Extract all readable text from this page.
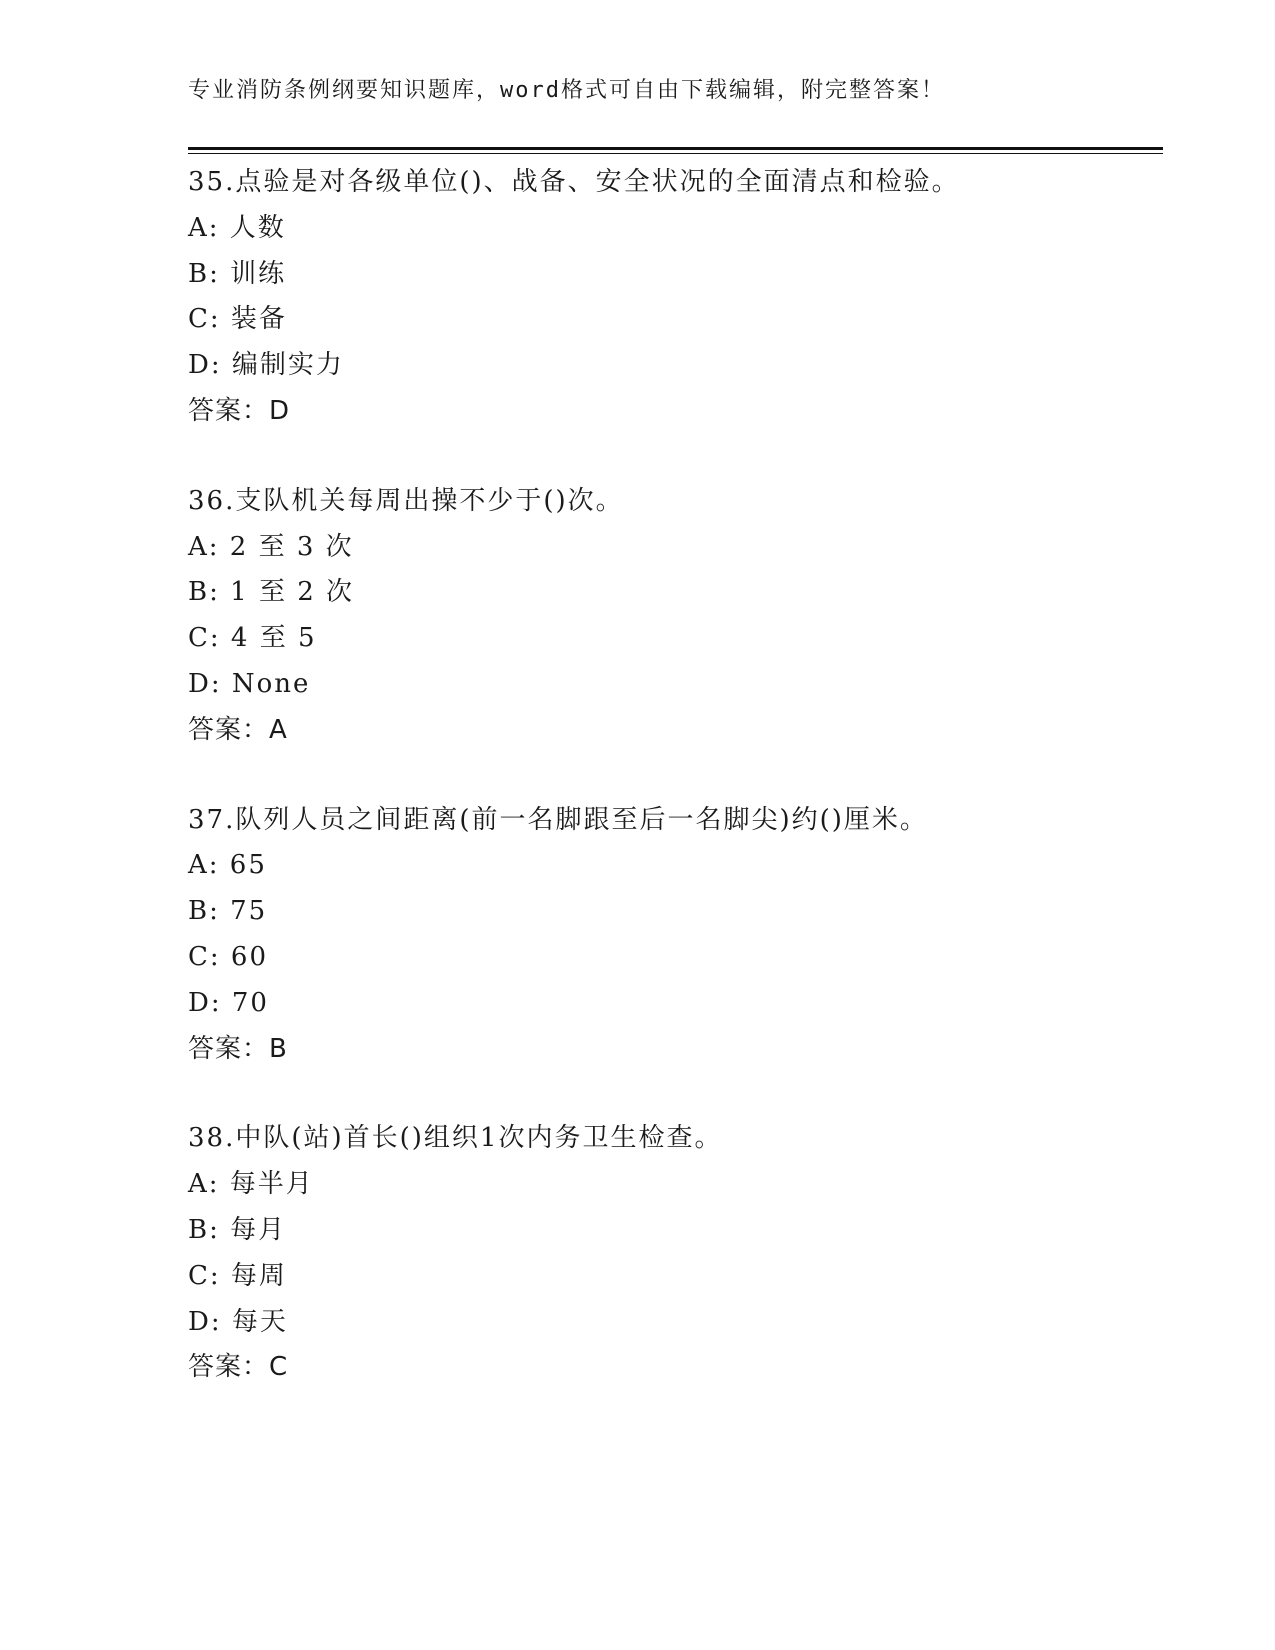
专业消防条例纲要知识题库，word格式可自由下载编辑，附完整答案！
35.点验是对各级单位()、战备、安全状况的全面清点和检验。
A: 人数
B: 训练
C: 装备
D: 编制实力
答案：D
36.支队机关每周出操不少于()次。
A: 2 至 3 次
B: 1 至 2 次
C: 4 至 5
D: None
答案：A
37.队列人员之间距离(前一名脚跟至后一名脚尖)约()厘米。
A: 65
B: 75
C: 60
D: 70
答案：B
38.中队(站)首长()组织1次内务卫生检查。
A: 每半月
B: 每月
C: 每周
D: 每天
答案：C
